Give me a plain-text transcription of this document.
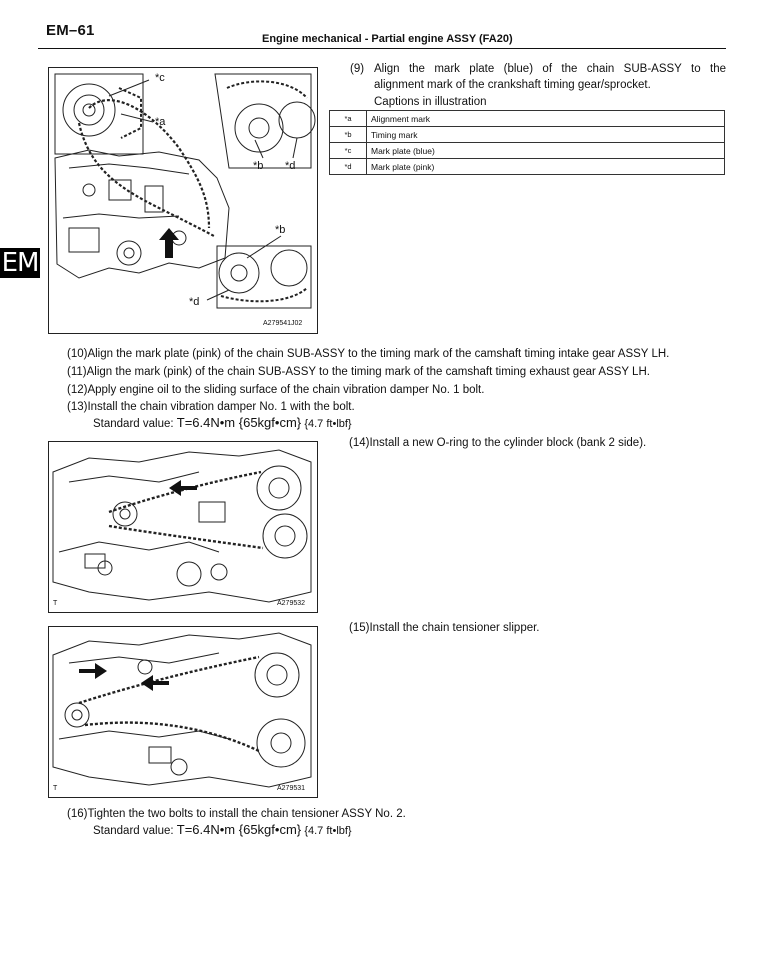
EM–61	Engine mechanical - Partial engine ASSY (FA20)
EM
*c
*a
*b *d
*b
*d
A279541J02
(9) Align the mark plate (blue) of the chain SUB-ASSY to the
alignment mark of the crankshaft timing gear/sprocket.
Captions in illustration
*a	Alignment mark
*b	Timing mark
*c	Mark plate (blue)
*d	Mark plate (pink)
(10)Align the mark plate (pink) of the chain SUB-ASSY to the timing mark of the camshaft timing intake gear ASSY LH.
(11)Align the mark (pink) of the chain SUB-ASSY to the timing mark of the camshaft timing exhaust gear ASSY LH.
(12)Apply engine oil to the sliding surface of the chain vibration damper No. 1 bolt.
(13)Install the chain vibration damper No. 1 with the bolt.
Standard value: T=6.4N•m {65kgf•cm} {4.7 ft•lbf}
(14)Install a new O-ring to the cylinder block (bank 2 side).
T	A279532
(15)Install the chain tensioner slipper.
T	A279531
(16)Tighten the two bolts to install the chain tensioner ASSY No. 2.
Standard value: T=6.4N•m {65kgf•cm} {4.7 ft•lbf}
